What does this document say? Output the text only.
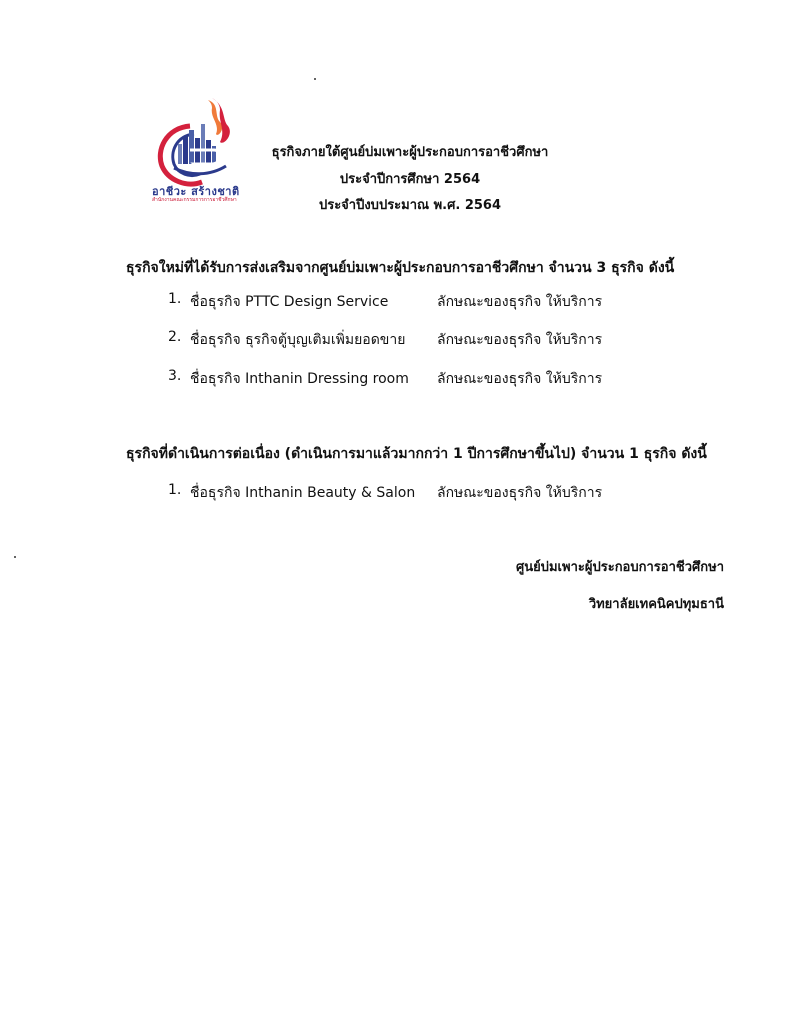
อาชีวะ สร้างชาติ
สำนักงานคณะกรรมการการอาชีวศึกษา
ธุรกิจภายใต้ศูนย์บ่มเพาะผู้ประกอบการอาชีวศึกษา
ประจำปีการศึกษา 2564
ประจำปีงบประมาณ พ.ศ. 2564
ธุรกิจใหม่ที่ได้รับการส่งเสริมจากศูนย์บ่มเพาะผู้ประกอบการอาชีวศึกษา จำนวน 3 ธุรกิจ ดังนี้
1. ชื่อธุรกิจ PTTC Design Service	ลักษณะของธุรกิจ ให้บริการ
2. ชื่อธุรกิจ ธุรกิจตู้บุญเติมเพิ่มยอดขาย ลักษณะของธุรกิจ ให้บริการ
3. ชื่อธุรกิจ Inthanin Dressing room ลักษณะของธุรกิจ ให้บริการ
ธุรกิจที่ดำเนินการต่อเนื่อง (ดำเนินการมาแล้วมากกว่า 1 ปีการศึกษาขึ้นไป) จำนวน 1 ธุรกิจ ดังนี้
1. ชื่อธุรกิจ Inthanin Beauty & Salon ลักษณะของธุรกิจ ให้บริการ
ศูนย์บ่มเพาะผู้ประกอบการอาชีวศึกษา
วิทยาลัยเทคนิคปทุมธานี
